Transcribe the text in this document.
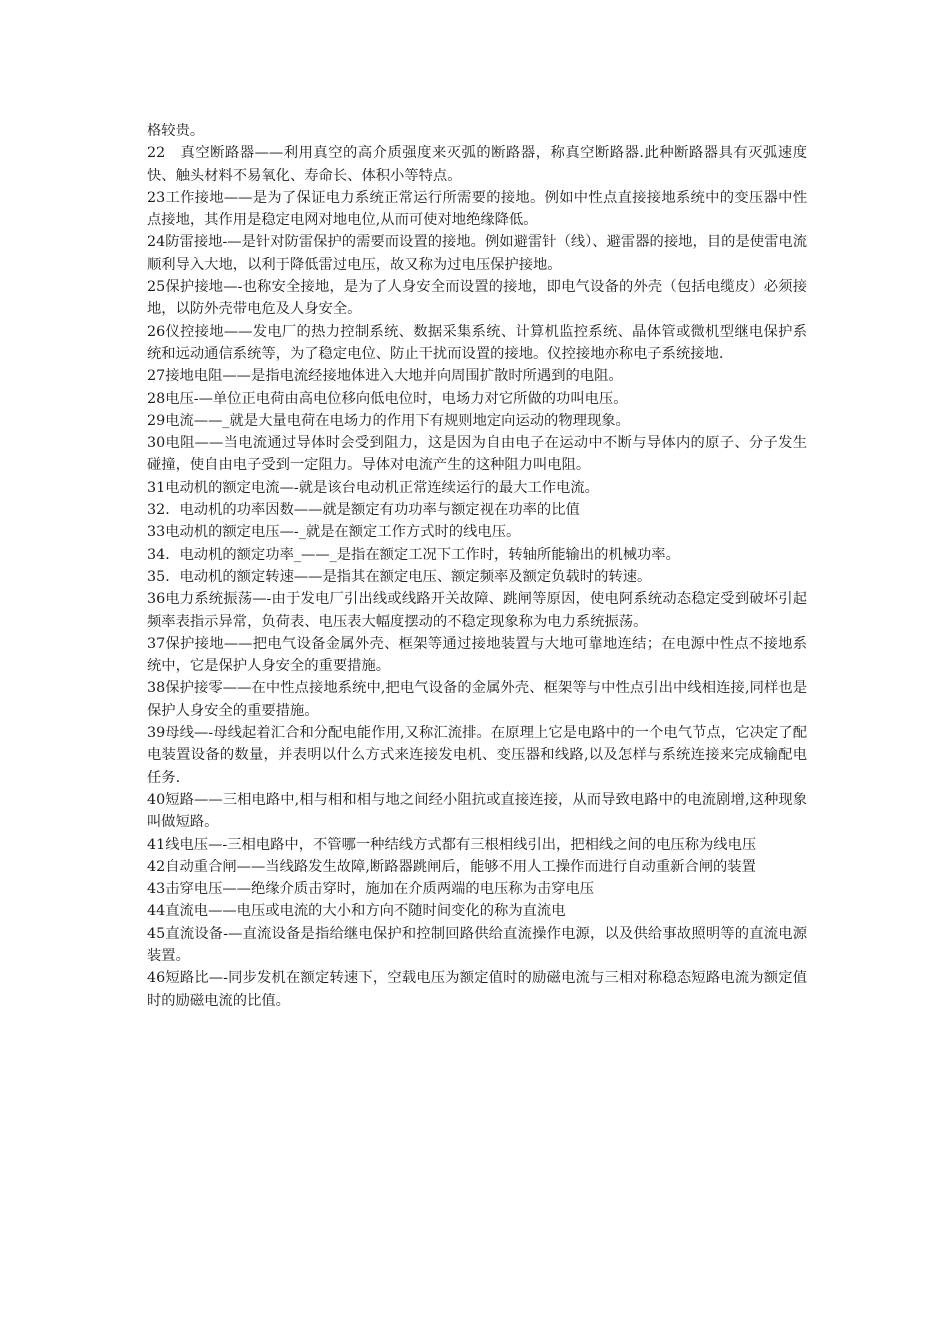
格较贵。

22　真空断路器——利用真空的高介质强度来灭弧的断路器，称真空断路器.此种断路器具有灭弧速度快、触头材料不易氧化、寿命长、体积小等特点。

23工作接地——是为了保证电力系统正常运行所需要的接地。例如中性点直接接地系统中的变压器中性点接地，其作用是稳定电网对地电位,从而可使对地绝缘降低。

24防雷接地-—是针对防雷保护的需要而设置的接地。例如避雷针（线）、避雷器的接地，目的是使雷电流顺利导入大地，以利于降低雷过电压，故又称为过电压保护接地。

25保护接地—-也称安全接地，是为了人身安全而设置的接地，即电气设备的外壳（包括电缆皮）必须接地，以防外壳带电危及人身安全。

26仪控接地——发电厂的热力控制系统、数据采集系统、计算机监控系统、晶体管或微机型继电保护系统和远动通信系统等，为了稳定电位、防止干扰而设置的接地。仪控接地亦称电子系统接地.

27接地电阻——是指电流经接地体进入大地并向周围扩散时所遇到的电阻。

28电压-—单位正电荷由高电位移向低电位时，电场力对它所做的功叫电压。

29电流——_就是大量电荷在电场力的作用下有规则地定向运动的物理现象。

30电阻——当电流通过导体时会受到阻力，这是因为自由电子在运动中不断与导体内的原子、分子发生碰撞，使自由电子受到一定阻力。导体对电流产生的这种阻力叫电阻。

31电动机的额定电流—-就是该台电动机正常连续运行的最大工作电流。

32．电动机的功率因数——就是额定有功功率与额定视在功率的比值

33电动机的额定电压—-_就是在额定工作方式时的线电压。

34．电动机的额定功率_——_是指在额定工况下工作时，转轴所能输出的机械功率。

35．电动机的额定转速——是指其在额定电压、额定频率及额定负载时的转速。

36电力系统振荡—-由于发电厂引出线或线路开关故障、跳闸等原因，使电阿系统动态稳定受到破坏引起频率表指示异常，负荷表、电压表大幅度摆动的不稳定现象称为电力系统振荡。

37保护接地——把电气设备金属外壳、框架等通过接地装置与大地可靠地连结；在电源中性点不接地系统中，它是保护人身安全的重要措施。

38保护接零——在中性点接地系统中,把电气设备的金属外壳、框架等与中性点引出中线相连接,同样也是保护人身安全的重要措施。

39母线—-母线起着汇合和分配电能作用,又称汇流排。在原理上它是电路中的一个电气节点，它决定了配电装置设备的数量，并表明以什么方式来连接发电机、变压器和线路,以及怎样与系统连接来完成输配电任务.

40短路——三相电路中,相与相和相与地之间经小阻抗或直接连接，从而导致电路中的电流剧增,这种现象叫做短路。

41线电压—-三相电路中，不管哪一种结线方式都有三根相线引出，把相线之间的电压称为线电压

42自动重合闸——当线路发生故障,断路器跳闸后，能够不用人工操作而进行自动重新合闸的装置

43击穿电压——绝缘介质击穿时，施加在介质两端的电压称为击穿电压

44直流电——电压或电流的大小和方向不随时间变化的称为直流电

45直流设备-—直流设备是指给继电保护和控制回路供给直流操作电源，以及供给事故照明等的直流电源装置。

46短路比—-同步发机在额定转速下，空载电压为额定值时的励磁电流与三相对称稳态短路电流为额定值时的励磁电流的比值。
